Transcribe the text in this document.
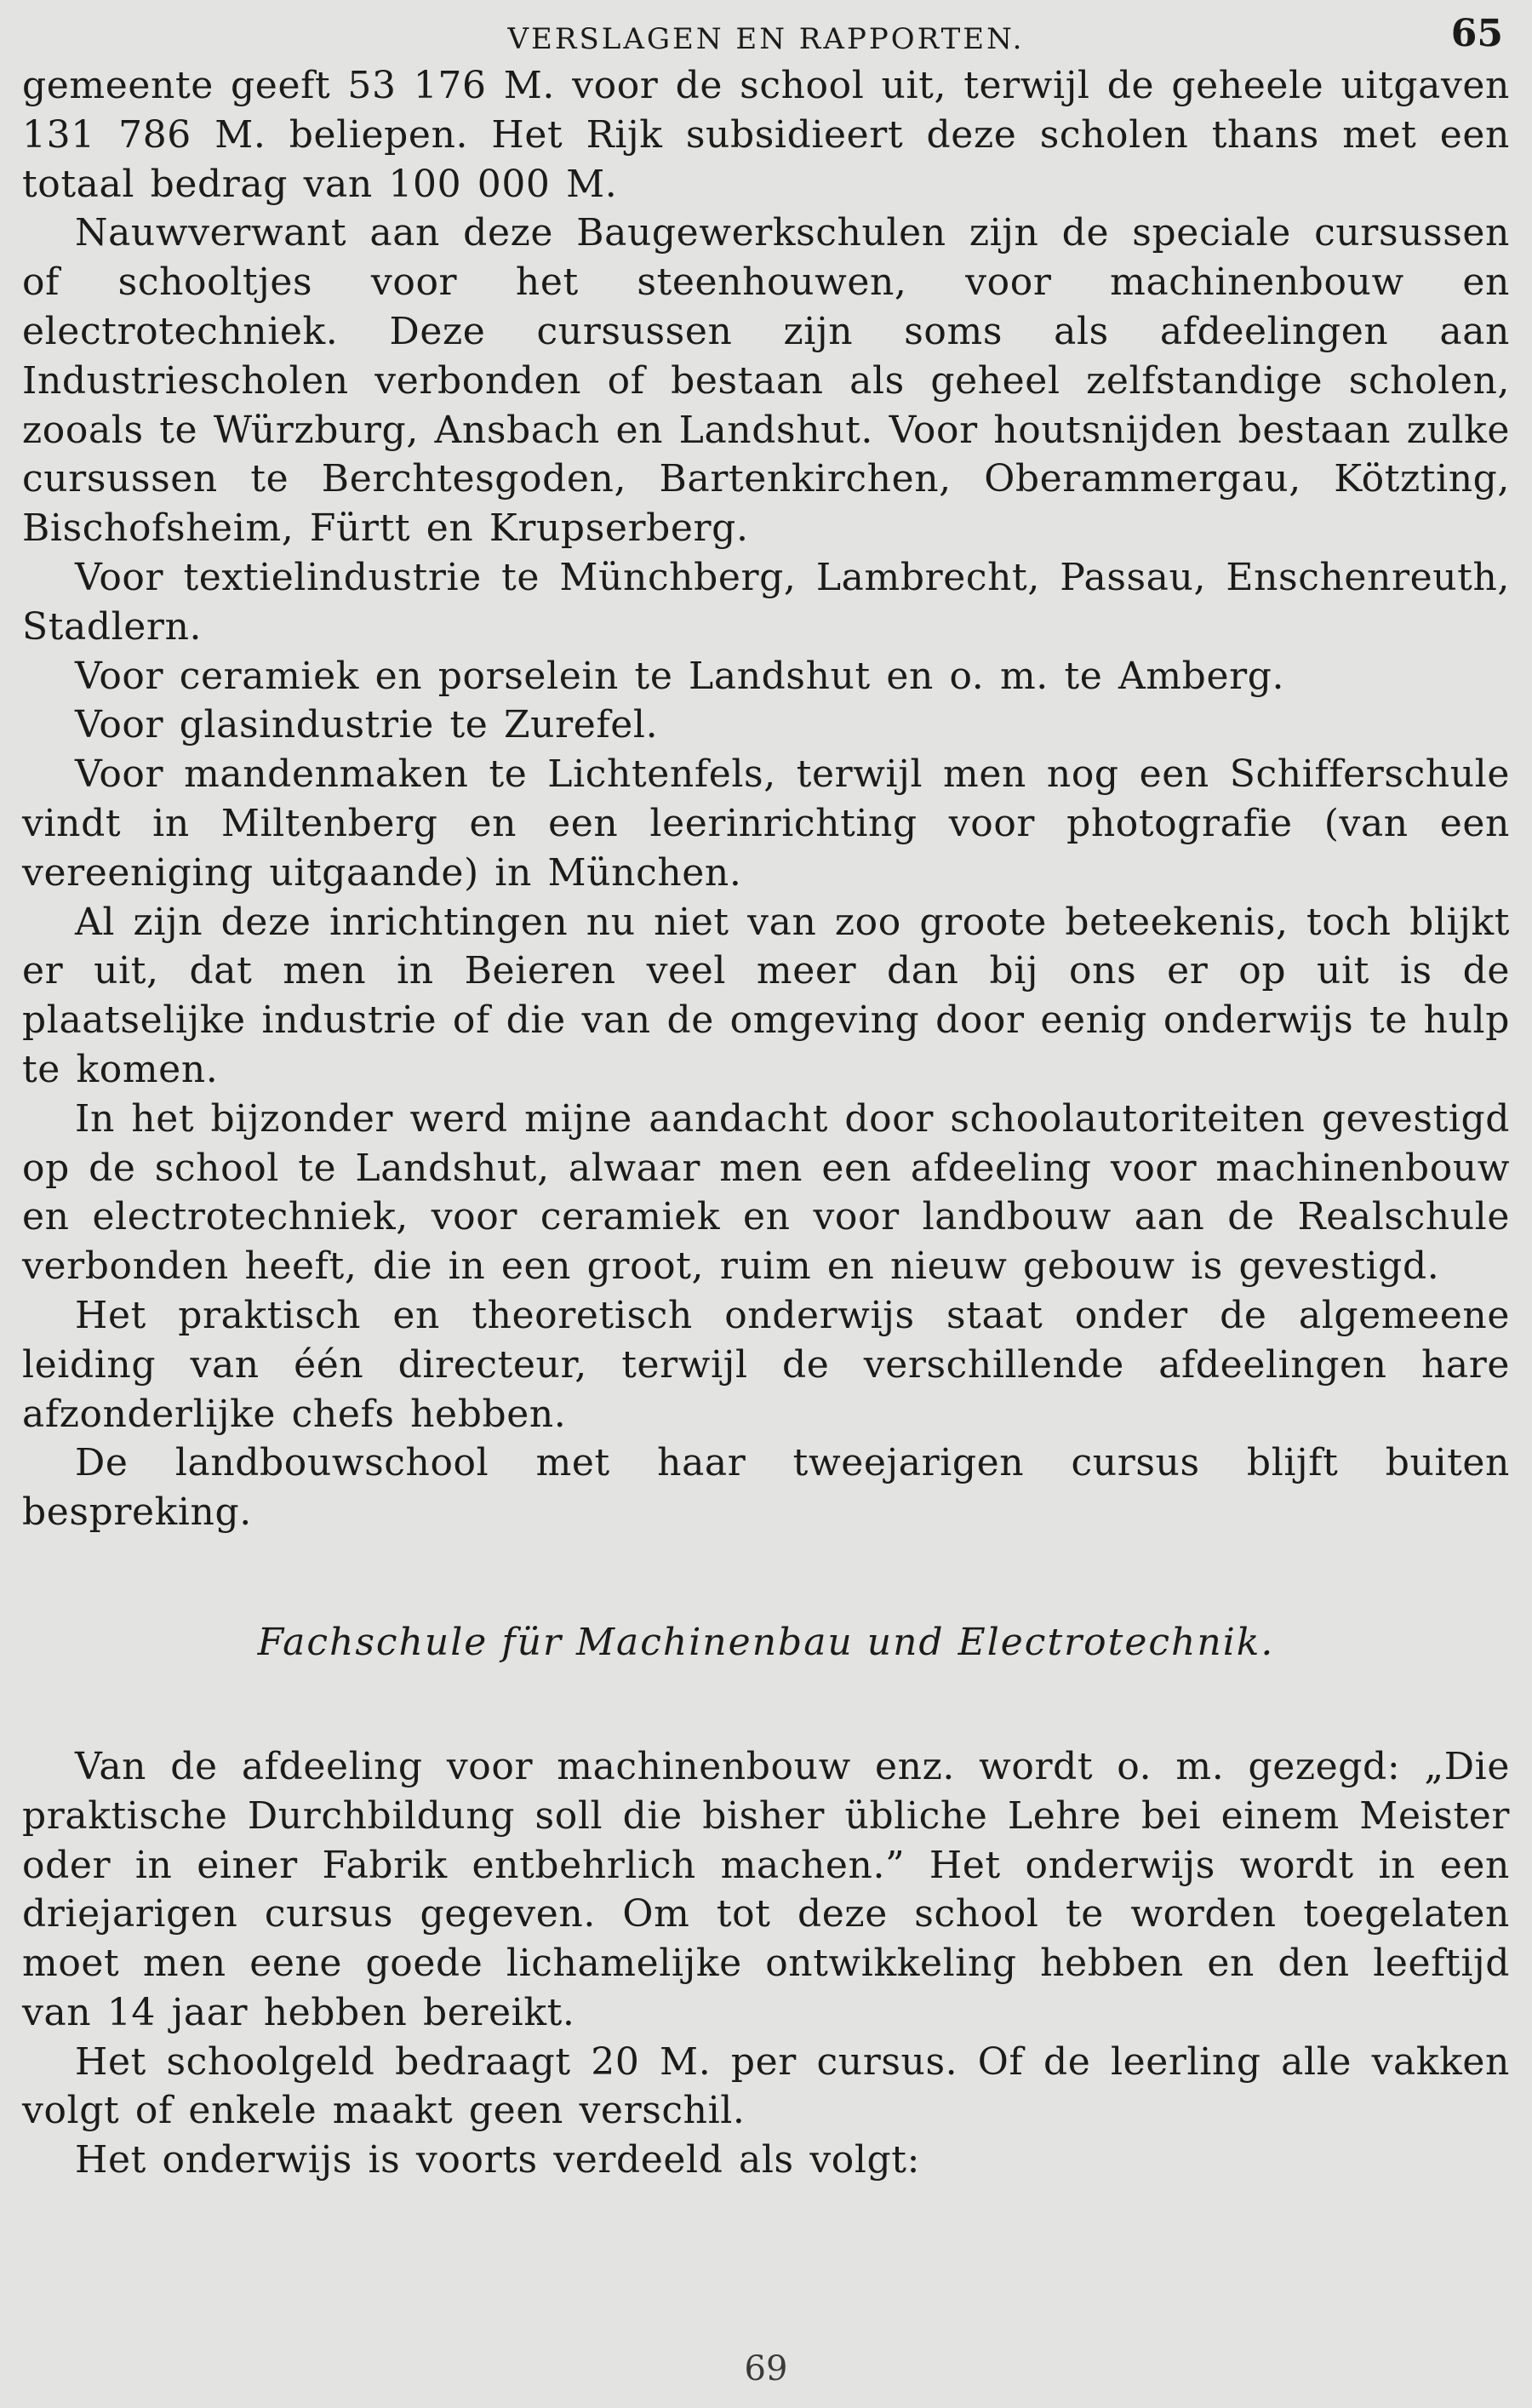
VERSLAGEN EN RAPPORTEN.	65

gemeente geeft 53 176 M. voor de school uit, terwijl de geheele uitgaven 131 786 M. beliepen. Het Rijk subsidieert deze scholen thans met een totaal bedrag van 100 000 M.

Nauwverwant aan deze Baugewerkschulen zijn de speciale cursussen of schooltjes voor het steenhouwen, voor machinenbouw en electrotechniek. Deze cursussen zijn soms als afdeelingen aan Industriescholen verbonden of bestaan als geheel zelfstandige scholen, zooals te Würzburg, Ansbach en Landshut. Voor houtsnijden bestaan zulke cursussen te Berchtesgoden, Bartenkirchen, Oberammergau, Kötzting, Bischofsheim, Fürtt en Krupserberg.

Voor textielindustrie te Münchberg, Lambrecht, Passau, Enschenreuth, Stadlern.

Voor ceramiek en porselein te Landshut en o. m. te Amberg.

Voor glasindustrie te Zurefel.

Voor mandenmaken te Lichtenfels, terwijl men nog een Schifferschule vindt in Miltenberg en een leerinrichting voor photografie (van een vereeniging uitgaande) in München.

Al zijn deze inrichtingen nu niet van zoo groote beteekenis, toch blijkt er uit, dat men in Beieren veel meer dan bij ons er op uit is de plaatselijke industrie of die van de omgeving door eenig onderwijs te hulp te komen.

In het bijzonder werd mijne aandacht door schoolautoriteiten gevestigd op de school te Landshut, alwaar men een afdeeling voor machinenbouw en electrotechniek, voor ceramiek en voor landbouw aan de Realschule verbonden heeft, die in een groot, ruim en nieuw gebouw is gevestigd.

Het praktisch en theoretisch onderwijs staat onder de algemeene leiding van één directeur, terwijl de verschillende afdeelingen hare afzonderlijke chefs hebben.

De landbouwschool met haar tweejarigen cursus blijft buiten bespreking.

Fachschule für Machinenbau und Electrotechnik.

Van de afdeeling voor machinenbouw enz. wordt o. m. gezegd: „Die praktische Durchbildung soll die bisher übliche Lehre bei einem Meister oder in einer Fabrik entbehrlich machen.” Het onderwijs wordt in een driejarigen cursus gegeven. Om tot deze school te worden toegelaten moet men eene goede lichamelijke ontwikkeling hebben en den leeftijd van 14 jaar hebben bereikt.

Het schoolgeld bedraagt 20 M. per cursus. Of de leerling alle vakken volgt of enkele maakt geen verschil.

Het onderwijs is voorts verdeeld als volgt:

69
